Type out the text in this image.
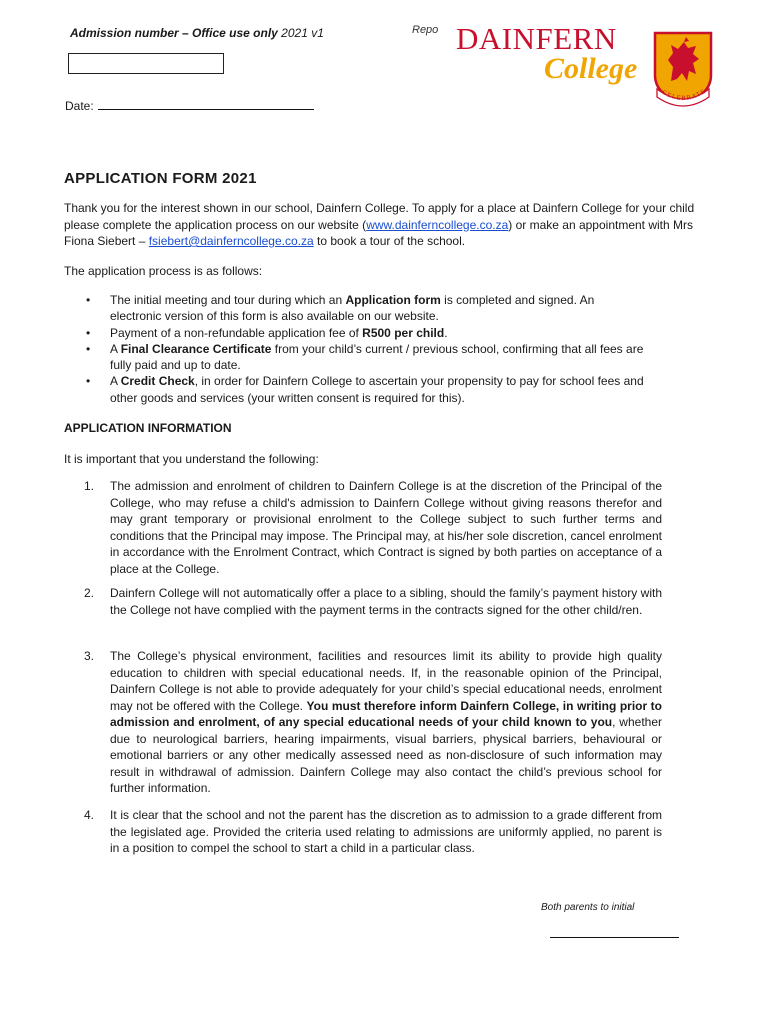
Admission number – Office use only 2021 v1	Repo
Date:
DAINFERN
College
CELEBRATE
APPLICATION FORM 2021
Thank you for the interest shown in our school, Dainfern College. To apply for a place at Dainfern College for your child please complete the application process on our website (www.dainferncollege.co.za) or make an appointment with Mrs Fiona Siebert – fsiebert@dainferncollege.co.za to book a tour of the school.
The application process is as follows:
• The initial meeting and tour during which an Application form is completed and signed. An electronic version of this form is also available on our website.
• Payment of a non-refundable application fee of R500 per child.
• A Final Clearance Certificate from your child’s current / previous school, confirming that all fees are fully paid and up to date.
• A Credit Check, in order for Dainfern College to ascertain your propensity to pay for school fees and other goods and services (your written consent is required for this).
APPLICATION INFORMATION
It is important that you understand the following:
1. The admission and enrolment of children to Dainfern College is at the discretion of the Principal of the College, who may refuse a child's admission to Dainfern College without giving reasons therefor and may grant temporary or provisional enrolment to the College subject to such further terms and conditions that the Principal may impose. The Principal may, at his/her sole discretion, cancel enrolment in accordance with the Enrolment Contract, which Contract is signed by both parties on acceptance of a place at the College.
2. Dainfern College will not automatically offer a place to a sibling, should the family’s payment history with the College not have complied with the payment terms in the contracts signed for the other child/ren.
3. The College’s physical environment, facilities and resources limit its ability to provide high quality education to children with special educational needs. If, in the reasonable opinion of the Principal, Dainfern College is not able to provide adequately for your child’s special educational needs, enrolment may not be offered with the College. You must therefore inform Dainfern College, in writing prior to admission and enrolment, of any special educational needs of your child known to you, whether due to neurological barriers, hearing impairments, visual barriers, physical barriers, behavioural or emotional barriers or any other medically assessed need as non-disclosure of such information may result in withdrawal of admission. Dainfern College may also contact the child’s previous school for further information.
4. It is clear that the school and not the parent has the discretion as to admission to a grade different from the legislated age. Provided the criteria used relating to admissions are uniformly applied, no parent is in a position to compel the school to start a child in a particular class.
Both parents to initial
